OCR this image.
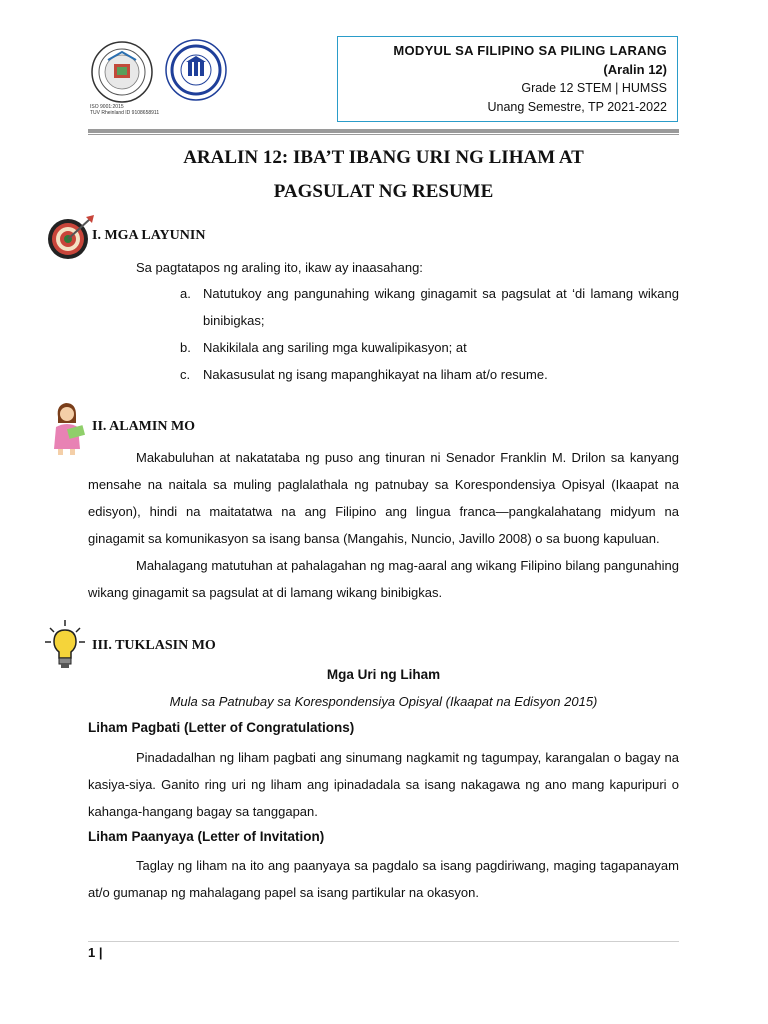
ISO 9001:2015
TUV Rheinland ID 9108658911
MODYUL SA FILIPINO SA PILING LARANG
(Aralin 12)
Grade 12 STEM | HUMSS
Unang Semestre, TP 2021-2022
ARALIN 12: IBA’T IBANG URI NG LIHAM AT
PAGSULAT NG RESUME
I. MGA LAYUNIN
Sa pagtatapos ng araling ito, ikaw ay inaasahang:
a. Natutukoy ang pangunahing wikang ginagamit sa pagsulat at ‘di lamang wikang binibigkas;
b. Nakikilala ang sariling mga kuwalipikasyon; at
c. Nakasusulat ng isang mapanghikayat na liham at/o resume.
II. ALAMIN MO
Makabuluhan at nakatataba ng puso ang tinuran ni Senador Franklin M. Drilon sa kanyang mensahe na naitala sa muling paglalathala ng patnubay sa Korespondensiya Opisyal (Ikaapat na edisyon), hindi na maitatatwa na ang Filipino ang lingua franca—pangkalahatang midyum na ginagamit sa komunikasyon sa isang bansa (Mangahis, Nuncio, Javillo 2008) o sa buong kapuluan.
Mahalagang matutuhan at pahalagahan ng mag-aaral ang wikang Filipino bilang pangunahing wikang ginagamit sa pagsulat at di lamang wikang binibigkas.
III. TUKLASIN MO
Mga Uri ng Liham
Mula sa Patnubay sa Korespondensiya Opisyal (Ikaapat na Edisyon 2015)
Liham Pagbati (Letter of Congratulations)
Pinadadalhan ng liham pagbati ang sinumang nagkamit ng tagumpay, karangalan o bagay na kasiya-siya. Ganito ring uri ng liham ang ipinadadala sa isang nakagawa ng ano mang kapuripuri o kahanga-hangang bagay sa tanggapan.
Liham Paanyaya (Letter of Invitation)
Taglay ng liham na ito ang paanyaya sa pagdalo sa isang pagdiriwang, maging tagapanayam at/o gumanap ng mahalagang papel sa isang partikular na okasyon.
1 |
